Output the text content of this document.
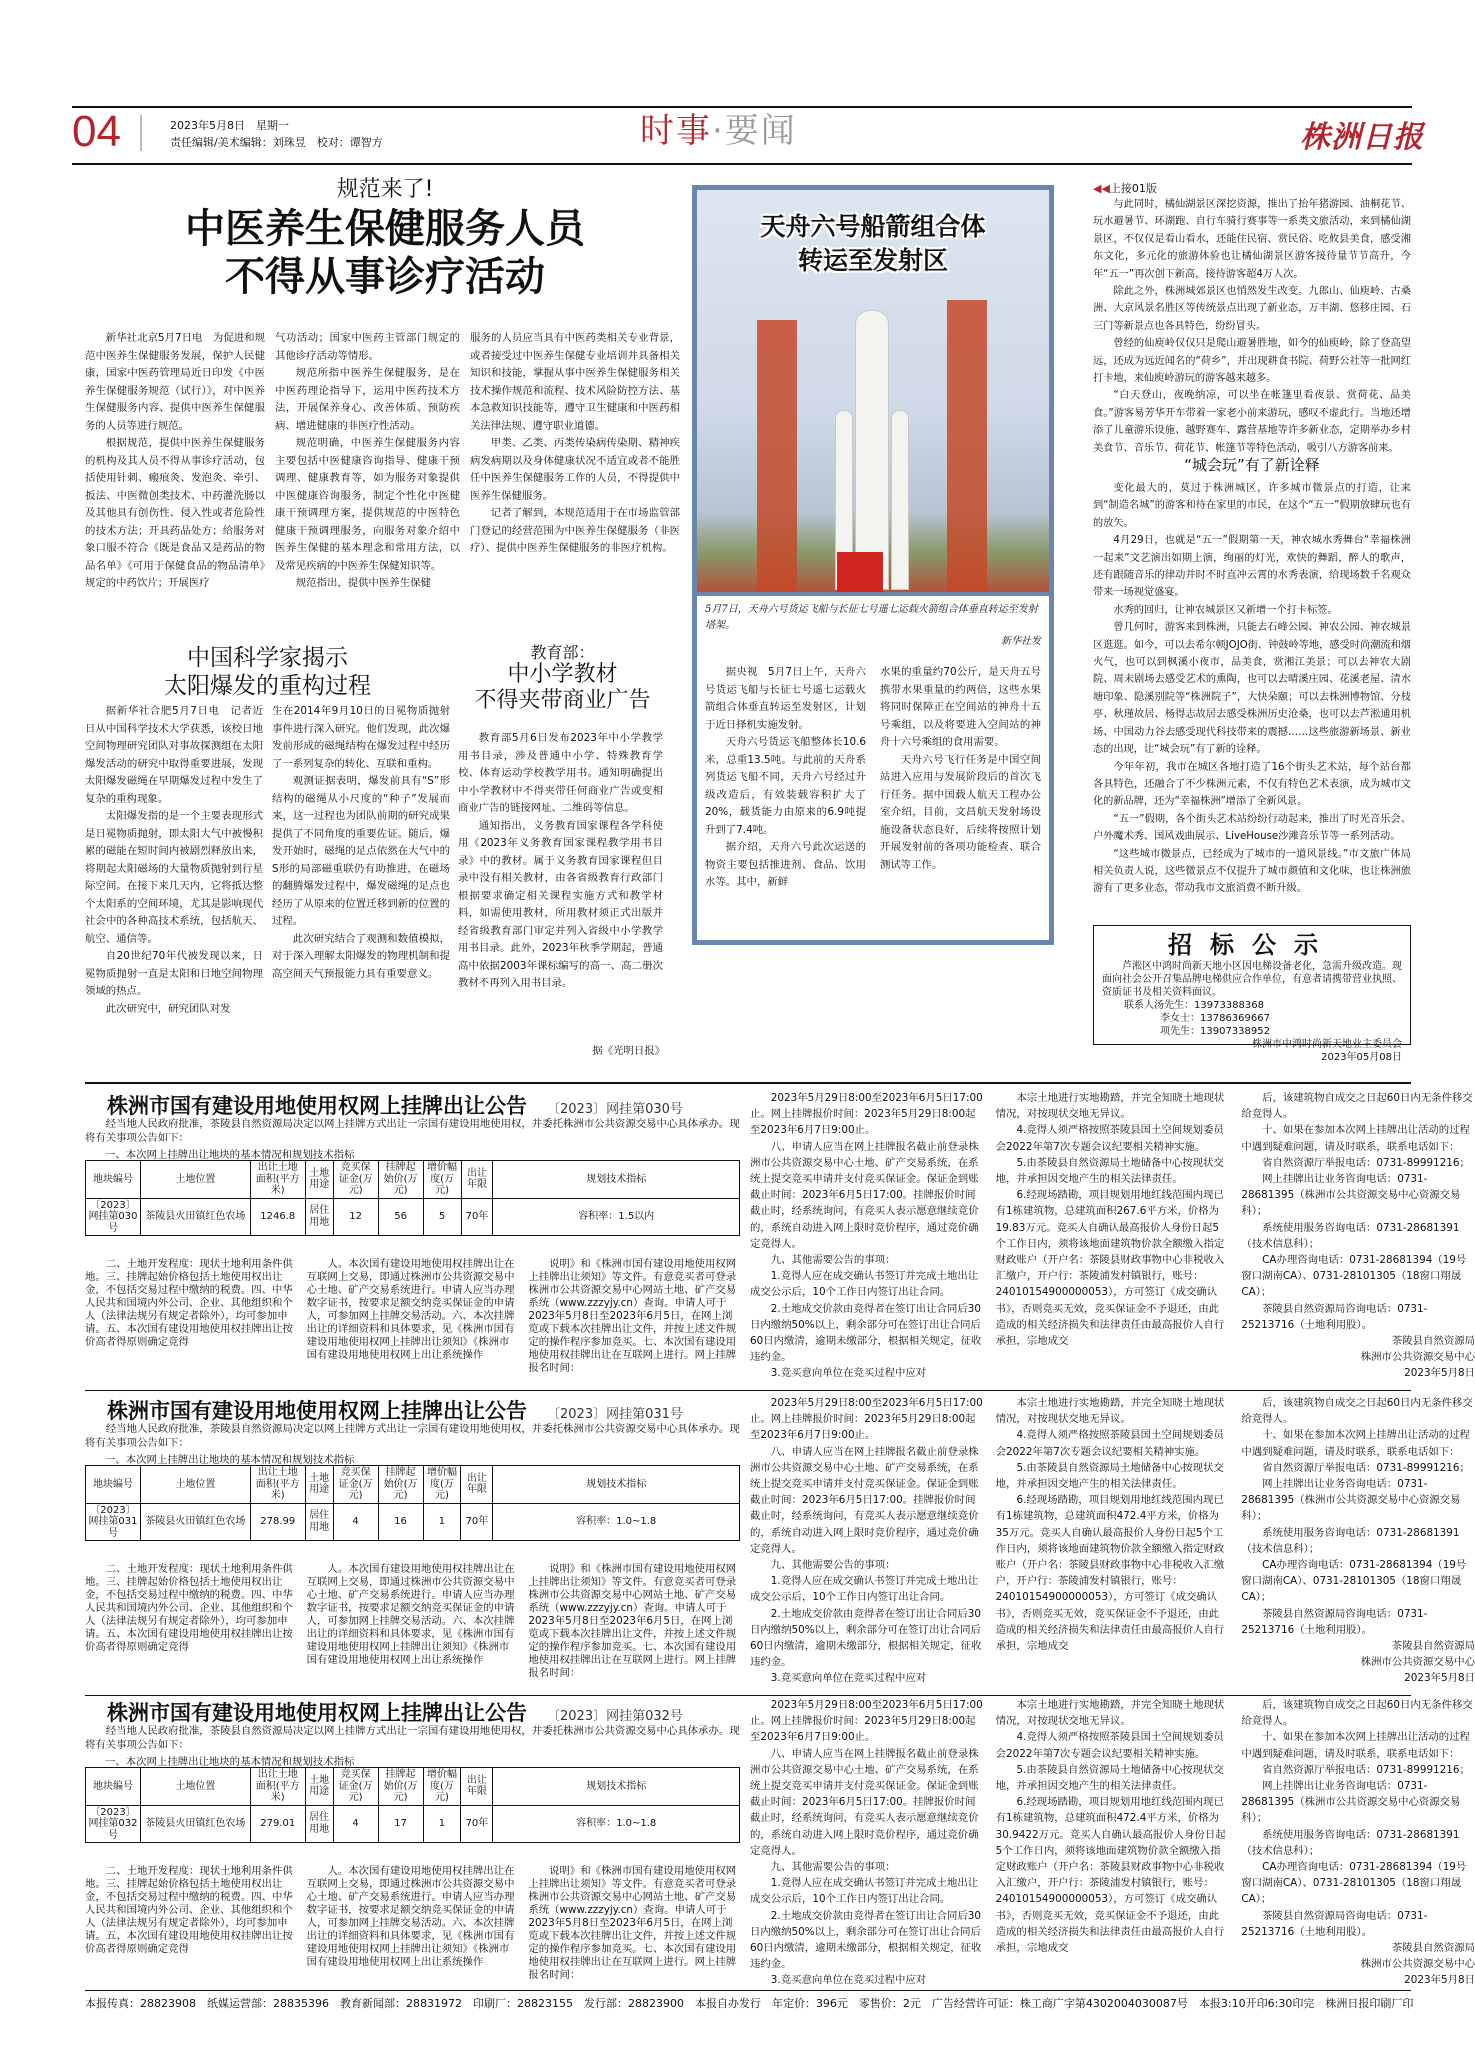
04	2023年5月8日　星期一
责任编辑/美术编辑：刘珠昱　校对：谭智方	时事·要闻	株洲日报
规范来了!
中医养生保健服务人员
不得从事诊疗活动

新华社北京5月7日电　为促进和规范中医养生保健服务发展，保护人民健康，国家中医药管理局近日印发《中医养生保健服务规范（试行）》，对中医养生保健服务内容、提供中医养生保健服务的人员等进行规范。

根据规范，提供中医养生保健服务的机构及其人员不得从事诊疗活动，包括使用针刺、瘢痕灸、发泡灸、牵引、扳法、中医微创类技术、中药灌洗肠以及其他具有创伤性、侵入性或者危险性的技术方法；开具药品处方；给服务对象口服不符合《既是食品又是药品的物品名单》《可用于保健食品的物品清单》规定的中药饮片；开展医疗

气功活动；国家中医药主管部门规定的其他诊疗活动等情形。

规范所指中医养生保健服务，是在中医药理论指导下，运用中医药技术方法，开展保养身心、改善体质、预防疾病、增进健康的非医疗性活动。

规范明确，中医养生保健服务内容主要包括中医健康咨询指导、健康干预调理、健康教育等，如为服务对象提供中医健康咨询服务，制定个性化中医健康干预调理方案，提供规范的中医特色健康干预调理服务，向服务对象介绍中医养生保健的基本理念和常用方法，以及常见疾病的中医养生保健知识等。

规范指出，提供中医养生保健

服务的人员应当具有中医药类相关专业背景，或者接受过中医养生保健专业培训并具备相关知识和技能，掌握从事中医养生保健服务相关技术操作规范和流程、技术风险防控方法、基本急救知识技能等，遵守卫生健康和中医药相关法律法规、遵守职业道德。

甲类、乙类、丙类传染病传染期、精神疾病发病期以及身体健康状况不适宜或者不能胜任中医养生保健服务工作的人员，不得提供中医养生保健服务。

记者了解到，本规范适用于在市场监管部门登记的经营范围为中医养生保健服务（非医疗）、提供中医养生保健服务的非医疗机构。

中国科学家揭示
太阳爆发的重构过程

据新华社合肥5月7日电　记者近日从中国科学技术大学获悉，该校日地空间物理研究团队对事故探测组在太阳爆发活动的研究中取得重要进展，发现太阳爆发磁绳在早期爆发过程中发生了复杂的重构现象。

太阳爆发指的是一个主要表现形式是日冕物质抛射，即太阳大气中被慢积累的磁能在短时间内被剧烈释放出来，将期起太阳磁场的大量物质抛射到行星际空间。在接下来几天内，它将抵达整个太阳系的空间环境，尤其是影响现代社会中的各种高技术系统，包括航天、航空、通信等。

自20世纪70年代被发现以来，日冕物质抛射一直是太阳和日地空间物理领域的热点。

此次研究中，研究团队对发

生在2014年9月10日的日冕物质抛射事件进行深入研究。他们发现，此次爆发前形成的磁绳结构在爆发过程中经历了一系列复杂的转化、互联和重构。

观测证据表明，爆发前具有“S”形结构的磁绳从小尺度的“种子”发展而来，这一过程也为团队前期的研究成果提供了不同角度的重要佐证。随后，爆发开始时，磁绳的足点依然在大气中的S形的局部磁重联仍有助推进，在磁场的翻腾爆发过程中，爆发磁绳的足点也经历了从原来的位置迁移到新的位置的过程。

此次研究结合了观测和数值模拟，对于深入理解太阳爆发的物理机制和提高空间天气预报能力具有重要意义。

教育部：
中小学教材
不得夹带商业广告

教育部5月6日发布2023年中小学教学用书目录，涉及普通中小学、特殊教育学校、体育运动学校教学用书。通知明确提出中小学教材中不得夹带任何商业广告或变相商业广告的链接网址、二维码等信息。

通知指出，义务教育国家课程各学科使用《2023年义务教育国家课程教学用书目录》中的教材。属于义务教育国家课程但目录中没有相关教材，由各省级教育行政部门根据要求确定相关课程实施方式和教学材料，如需使用教材，所用教材须正式出版并经省级教育部门审定并列入省级中小学教学用书目录。此外，2023年秋季学期起，普通高中依据2003年课标编写的高一、高二册次教材不再列入用书目录。

据《光明日报》
天舟六号船箭组合体
转运至发射区
5月7日，天舟六号货运飞船与长征七号遥七运载火箭组合体垂直转运至发射塔架。
新华社发

据央视　5月7日上午，天舟六号货运飞船与长征七号遥七运载火箭组合体垂直转运至发射区，计划于近日择机实施发射。

天舟六号货运飞船整体长10.6米，总重13.5吨。与此前的天舟系列货运飞船不同，天舟六号经过升级改造后，有效装载容积扩大了20%，载货能力由原来的6.9吨提升到了7.4吨。

据介绍，天舟六号此次运送的物资主要包括推进剂、食品、饮用水等。其中，新鲜

水果的重量约70公斤，是天舟五号携带水果重量的约两倍，这些水果将同时保障正在空间站的神舟十五号乘组，以及将要进入空间站的神舟十六号乘组的食用需要。

天舟六号飞行任务是中国空间站进入应用与发展阶段后的首次飞行任务。据中国载人航天工程办公室介绍，目前，文昌航天发射场设施设备状态良好，后续将按照计划开展发射前的各项功能检查、联合测试等工作。

◀◀上接01版

与此同时，橘仙湖景区深挖资源，推出了抬年猪游园、油桐花节、玩水避暑节、环湖跑、自行车骑行赛事等一系类文旅活动，来到橘仙湖景区，不仅仅是看山看水，还能住民宿、赏民俗、吃攸县美食，感受湘东文化，多元化的旅游体验也让橘仙湖景区游客接待量节节高升，今年“五一”再次创下新高，接待游客超4万人次。

除此之外，株洲城郊景区也悄然发生改变。九郎山、仙庾岭、古桑洲、大京风景名胜区等传统景点出现了新业态，万丰湖、悠移庄园、石三门等新景点也各具特色，纷纷冒头。

曾经的仙庾岭仅仅只是爬山避暑胜地，如今的仙庾岭，除了登高望远，还成为远近闻名的“荷乡”，并出现耕食书院、荷野公社等一批网红打卡地，来仙庾岭游玩的游客越来越多。

“白天登山，夜晚纳凉，可以坐在帐篷里看夜景、赏荷花、品美食。”游客易芳华开车带着一家老小前来游玩，感叹不虚此行。当地还增添了儿童游乐设施、越野赛车、露营基地等许多新业态，定期举办乡村美食节、音乐节、荷花节、帐篷节等特色活动，吸引八方游客前来。

“城会玩”有了新诠释

变化最大的，莫过于株洲城区，许多城市微景点的打造，让来到“制造名城”的游客和待在家里的市民，在这个“五一”假期放肆玩也有的放矢。

4月29日，也就是“五一”假期第一天，神农城水秀舞台“幸福株洲一起来”文艺演出如期上演，绚丽的灯光，欢快的舞蹈，醉人的歌声，还有跟随音乐的律动并时不时直冲云霄的水秀表演，给现场数千名观众带来一场视觉盛宴。

水秀的回归，让神农城景区又新增一个打卡标签。

曾几何时，游客来到株洲，只能去石峰公园、神农公园、神农城景区逛逛。如今，可以去希尔顿JOJO街、钟鼓岭等地，感受时尚潮流和烟火气，也可以到枫溪小夜市，品美食，赏湘江美景；可以去神农大剧院、周末剧场去感受艺术的熏陶，也可以去晴溪庄园、花溪老屋、清水塘印象、隐溪别院等“株洲院子”，大快朵颐；可以去株洲博物馆、分枝亭、秋瑾故居、杨得志故居去感受株洲历史沧桑，也可以去芦淞通用机场、中国动力谷去感受现代科技带来的震撼……这些旅游新场景、新业态的出现，让“城会玩”有了新的诠释。

今年年初，我市在城区各地打造了16个街头艺术站，每个站台都各具特色，还融合了不少株洲元素，不仅有特色艺术表演，成为城市文化的新品牌，还为“幸福株洲”增添了全新风景。

“五一”假期，各个街头艺术站纷纷行动起来，推出了时光音乐会、户外魔术秀、国风戏曲展示、LiveHouse沙滩音乐节等一系列活动。

“这些城市微景点，已经成为了城市的一道风景线。”市文旅广体局相关负责人说，这些微景点不仅提升了城市颜值和文化味，也让株洲旅游有了更多业态，带动我市文旅消费不断升级。

招标公示
芦淞区中鸿时尚新天地小区因电梯设备老化，急需升级改造。现面向社会公开召集品牌电梯供应合作单位，有意者请携带营业执照、资质证书及相关资料面议。
联系人汤先生：13973388368
李女士：13786369667
项先生：13907338952
株洲市中鸿时尚新天地业主委员会
2023年05月08日
株洲市国有建设用地使用权网上挂牌出让公告 〔2023〕网挂第030号
经当地人民政府批准，茶陵县自然资源局决定以网上挂牌方式出让一宗国有建设用地使用权，并委托株洲市公共资源交易中心具体承办。现将有关事项公告如下：
一、本次网上挂牌出让地块的基本情况和规划技术指标
地块编号	土地位置	出让土地面积(平方米)	土地用途	竞买保证金(万元)	挂牌起始价(万元)	增价幅度(万元)	出让年限	规划技术指标
〔2023〕网挂第030号	茶陵县火田镇红色农场	1246.8	居住用地	12	56	5	70年	容积率：1.5以内

二、土地开发程度：现状土地利用条件供地。三、挂牌起始价格包括土地使用权出让金，不包括交易过程中缴纳的税费。四、中华人民共和国境内外公司、企业、其他组织和个人（法律法规另有规定者除外），均可参加申请。五、本次国有建设用地使用权挂牌出让按价高者得原则确定竞得

人。本次国有建设用地使用权挂牌出让在互联网上交易，即通过株洲市公共资源交易中心土地、矿产交易系统进行。申请人应当办理数字证书，按要求足额交纳竞买保证金的申请人，可参加网上挂牌交易活动。六、本次挂牌出让的详细资料和具体要求，见《株洲市国有建设用地使用权网上挂牌出让须知》《株洲市国有建设用地使用权网上出让系统操作

说明》和《株洲市国有建设用地使用权网上挂牌出让须知》等文件。有意竞买者可登录株洲市公共资源交易中心网站土地、矿产交易系统（www.zzzyjy.cn）查询。申请人可于2023年5月8日至2023年6月5日，在网上浏览或下载本次挂牌出让文件，并按上述文件规定的操作程序参加竞买。七、本次国有建设用地使用权挂牌出让在互联网上进行。网上挂牌报名时间：

2023年5月29日8:00至2023年6月5日17:00止。网上挂牌报价时间：2023年5月29日8:00起至2023年6月7日9:00止。

八、申请人应当在网上挂牌报名截止前登录株洲市公共资源交易中心土地、矿产交易系统，在系统上提交竞买申请并支付竞买保证金。保证金到账截止时间：2023年6月5日17:00。挂牌报价时间截止时，经系统询问，有竞买人表示愿意继续竞价的，系统自动进入网上限时竞价程序，通过竞价确定竞得人。

九、其他需要公告的事项：

1.竞得人应在成交确认书签订并完成土地出让成交公示后，10个工作日内签订出让合同。

2.土地成交价款由竞得者在签订出让合同后30日内缴纳50%以上，剩余部分可在签订出让合同后60日内缴清，逾期未缴部分，根据相关规定，征收违约金。

3.竞买意向单位在竞买过程中应对

本宗土地进行实地勘踏，并完全知晓土地现状情况，对按现状交地无异议。

4.竞得人须严格按照茶陵县国土空间规划委员会2022年第7次专题会议纪要相关精神实施。

5.由茶陵县自然资源局土地储备中心按现状交地，并承担因交地产生的相关法律责任。

6.经现场踏勘，项目规划用地红线范围内现已有1栋建筑物，总建筑面积267.6平方米，价格为19.83万元。竞买人自确认最高报价人身份日起5个工作日内，须将该地面建筑物价款全额缴入指定财政账户（开户名：茶陵县财政事物中心非税收入汇缴户，开户行：茶陵浦发村镇银行，账号：24010154900000053），方可签订《成交确认书》，否则竞买无效，竞买保证金不予退还，由此造成的相关经济损失和法律责任由最高报价人自行承担，宗地成交

后，该建筑物自成交之日起60日内无条件移交给竞得人。

十、如果在参加本次网上挂牌出让活动的过程中遇到疑难问题，请及时联系，联系电话如下：

省自然资源厅举报电话：0731-89991216；

网上挂牌出让业务咨询电话：0731-28681395（株洲市公共资源交易中心资源交易科）；

系统使用服务咨询电话：0731-28681391（技术信息科）；

CA办理咨询电话：0731-28681394（19号窗口湖南CA）、0731-28101305（18窗口翔晟CA）；

茶陵县自然资源局咨询电话：0731-25213716（土地利用股）。

茶陵县自然资源局
株洲市公共资源交易中心
2023年5月8日
株洲市国有建设用地使用权网上挂牌出让公告 〔2023〕网挂第031号
经当地人民政府批准，茶陵县自然资源局决定以网上挂牌方式出让一宗国有建设用地使用权，并委托株洲市公共资源交易中心具体承办。现将有关事项公告如下：
一、本次网上挂牌出让地块的基本情况和规划技术指标
地块编号	土地位置	出让土地面积(平方米)	土地用途	竞买保证金(万元)	挂牌起始价(万元)	增价幅度(万元)	出让年限	规划技术指标
〔2023〕网挂第031号	茶陵县火田镇红色农场	278.99	居住用地	4	16	1	70年	容积率：1.0~1.8

二、土地开发程度：现状土地利用条件供地。三、挂牌起始价格包括土地使用权出让金，不包括交易过程中缴纳的税费。四、中华人民共和国境内外公司、企业、其他组织和个人（法律法规另有规定者除外），均可参加申请。五、本次国有建设用地使用权挂牌出让按价高者得原则确定竞得

人。本次国有建设用地使用权挂牌出让在互联网上交易，即通过株洲市公共资源交易中心土地、矿产交易系统进行。申请人应当办理数字证书，按要求足额交纳竞买保证金的申请人，可参加网上挂牌交易活动。六、本次挂牌出让的详细资料和具体要求，见《株洲市国有建设用地使用权网上挂牌出让须知》《株洲市国有建设用地使用权网上出让系统操作

说明》和《株洲市国有建设用地使用权网上挂牌出让须知》等文件。有意竞买者可登录株洲市公共资源交易中心网站土地、矿产交易系统（www.zzzyjy.cn）查询。申请人可于2023年5月8日至2023年6月5日，在网上浏览或下载本次挂牌出让文件，并按上述文件规定的操作程序参加竞买。七、本次国有建设用地使用权挂牌出让在互联网上进行。网上挂牌报名时间：

2023年5月29日8:00至2023年6月5日17:00止。网上挂牌报价时间：2023年5月29日8:00起至2023年6月7日9:00止。

八、申请人应当在网上挂牌报名截止前登录株洲市公共资源交易中心土地、矿产交易系统，在系统上提交竞买申请并支付竞买保证金。保证金到账截止时间：2023年6月5日17:00。挂牌报价时间截止时，经系统询问，有竞买人表示愿意继续竞价的，系统自动进入网上限时竞价程序，通过竞价确定竞得人。

九、其他需要公告的事项：

1.竞得人应在成交确认书签订并完成土地出让成交公示后，10个工作日内签订出让合同。

2.土地成交价款由竞得者在签订出让合同后30日内缴纳50%以上，剩余部分可在签订出让合同后60日内缴清，逾期未缴部分，根据相关规定，征收违约金。

3.竞买意向单位在竞买过程中应对

本宗土地进行实地勘踏，并完全知晓土地现状情况，对按现状交地无异议。

4.竞得人须严格按照茶陵县国土空间规划委员会2022年第7次专题会议纪要相关精神实施。

5.由茶陵县自然资源局土地储备中心按现状交地，并承担因交地产生的相关法律责任。

6.经现场踏勘，项目规划用地红线范围内现已有1栋建筑物，总建筑面积472.4平方米，价格为35万元。竞买人自确认最高报价人身份日起5个工作日内，须将该地面建筑物价款全额缴入指定财政账户（开户名：茶陵县财政事物中心非税收入汇缴户，开户行：茶陵浦发村镇银行，账号：24010154900000053），方可签订《成交确认书》，否则竞买无效，竞买保证金不予退还，由此造成的相关经济损失和法律责任由最高报价人自行承担，宗地成交

后，该建筑物自成交之日起60日内无条件移交给竞得人。

十、如果在参加本次网上挂牌出让活动的过程中遇到疑难问题，请及时联系，联系电话如下：

省自然资源厅举报电话：0731-89991216；

网上挂牌出让业务咨询电话：0731-28681395（株洲市公共资源交易中心资源交易科）；

系统使用服务咨询电话：0731-28681391（技术信息科）；

CA办理咨询电话：0731-28681394（19号窗口湖南CA）、0731-28101305（18窗口翔晟CA）；

茶陵县自然资源局咨询电话：0731-25213716（土地利用股）。

茶陵县自然资源局
株洲市公共资源交易中心
2023年5月8日
株洲市国有建设用地使用权网上挂牌出让公告 〔2023〕网挂第032号
经当地人民政府批准，茶陵县自然资源局决定以网上挂牌方式出让一宗国有建设用地使用权，并委托株洲市公共资源交易中心具体承办。现将有关事项公告如下：
一、本次网上挂牌出让地块的基本情况和规划技术指标
地块编号	土地位置	出让土地面积(平方米)	土地用途	竞买保证金(万元)	挂牌起始价(万元)	增价幅度(万元)	出让年限	规划技术指标
〔2023〕网挂第032号	茶陵县火田镇红色农场	279.01	居住用地	4	17	1	70年	容积率：1.0~1.8

二、土地开发程度：现状土地利用条件供地。三、挂牌起始价格包括土地使用权出让金，不包括交易过程中缴纳的税费。四、中华人民共和国境内外公司、企业、其他组织和个人（法律法规另有规定者除外），均可参加申请。五、本次国有建设用地使用权挂牌出让按价高者得原则确定竞得

人。本次国有建设用地使用权挂牌出让在互联网上交易，即通过株洲市公共资源交易中心土地、矿产交易系统进行。申请人应当办理数字证书，按要求足额交纳竞买保证金的申请人，可参加网上挂牌交易活动。六、本次挂牌出让的详细资料和具体要求，见《株洲市国有建设用地使用权网上挂牌出让须知》《株洲市国有建设用地使用权网上出让系统操作

说明》和《株洲市国有建设用地使用权网上挂牌出让须知》等文件。有意竞买者可登录株洲市公共资源交易中心网站土地、矿产交易系统（www.zzzyjy.cn）查询。申请人可于2023年5月8日至2023年6月5日，在网上浏览或下载本次挂牌出让文件，并按上述文件规定的操作程序参加竞买。七、本次国有建设用地使用权挂牌出让在互联网上进行。网上挂牌报名时间：

2023年5月29日8:00至2023年6月5日17:00止。网上挂牌报价时间：2023年5月29日8:00起至2023年6月7日9:00止。

八、申请人应当在网上挂牌报名截止前登录株洲市公共资源交易中心土地、矿产交易系统，在系统上提交竞买申请并支付竞买保证金。保证金到账截止时间：2023年6月5日17:00。挂牌报价时间截止时，经系统询问，有竞买人表示愿意继续竞价的，系统自动进入网上限时竞价程序，通过竞价确定竞得人。

九、其他需要公告的事项：

1.竞得人应在成交确认书签订并完成土地出让成交公示后，10个工作日内签订出让合同。

2.土地成交价款由竞得者在签订出让合同后30日内缴纳50%以上，剩余部分可在签订出让合同后60日内缴清，逾期未缴部分，根据相关规定，征收违约金。

3.竞买意向单位在竞买过程中应对

本宗土地进行实地勘踏，并完全知晓土地现状情况，对按现状交地无异议。

4.竞得人须严格按照茶陵县国土空间规划委员会2022年第7次专题会议纪要相关精神实施。

5.由茶陵县自然资源局土地储备中心按现状交地，并承担因交地产生的相关法律责任。

6.经现场踏勘，项目规划用地红线范围内现已有1栋建筑物，总建筑面积472.4平方米，价格为30.9422万元。竞买人自确认最高报价人身份日起5个工作日内，须将该地面建筑物价款全额缴入指定财政账户（开户名：茶陵县财政事物中心非税收入汇缴户，开户行：茶陵浦发村镇银行，账号：24010154900000053），方可签订《成交确认书》，否则竞买无效，竞买保证金不予退还，由此造成的相关经济损失和法律责任由最高报价人自行承担，宗地成交

后，该建筑物自成交之日起60日内无条件移交给竞得人。

十、如果在参加本次网上挂牌出让活动的过程中遇到疑难问题，请及时联系，联系电话如下：

省自然资源厅举报电话：0731-89991216；

网上挂牌出让业务咨询电话：0731-28681395（株洲市公共资源交易中心资源交易科）；

系统使用服务咨询电话：0731-28681391（技术信息科）；

CA办理咨询电话：0731-28681394（19号窗口湖南CA）、0731-28101305（18窗口翔晟CA）；

茶陵县自然资源局咨询电话：0731-25213716（土地利用股）。

茶陵县自然资源局
株洲市公共资源交易中心
2023年5月8日
本报传真：28823908　纸媒运营部：28835396　教育新闻部：28831972　印刷厂：28823155　发行部：28823900　本报自办发行　年定价：396元　零售价：2元　广告经营许可证：株工商广字第4302004030087号　本报3:10开印6:30印完　株洲日报印刷厂印
